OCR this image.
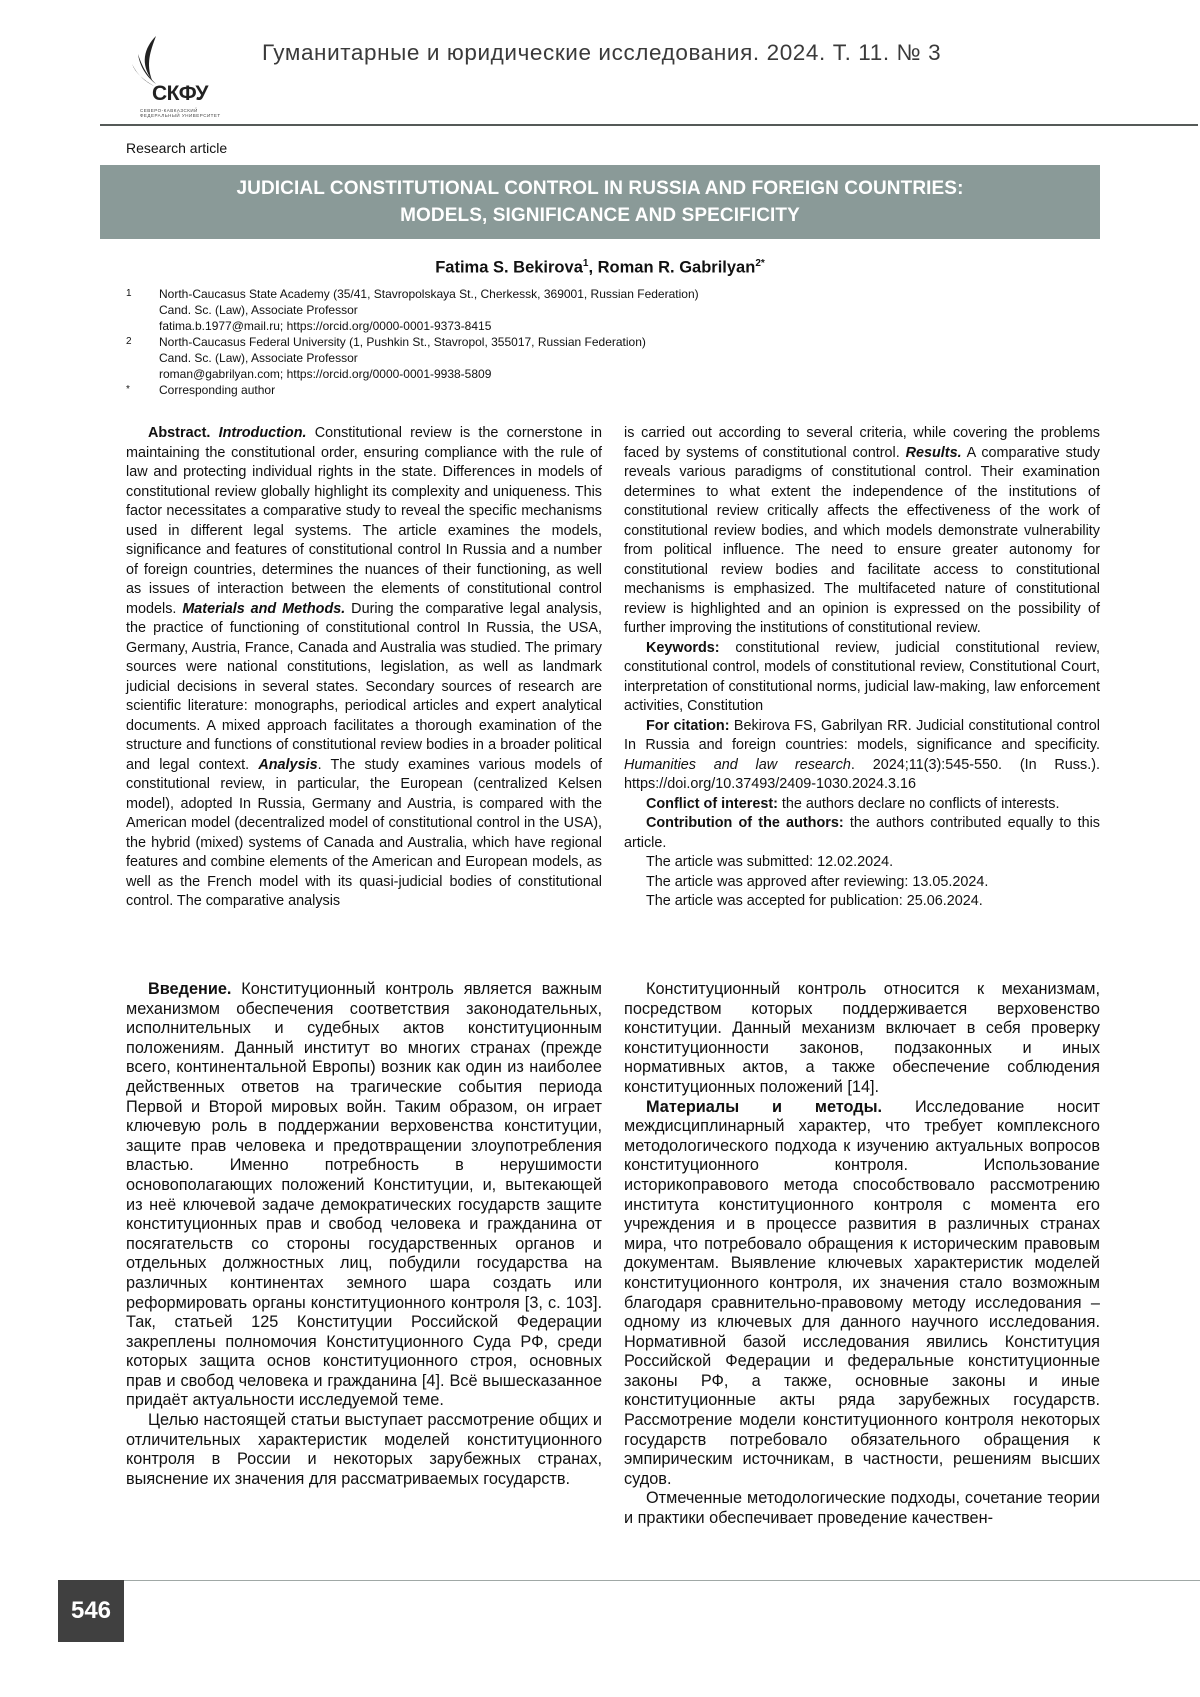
СКФУ
СЕВЕРО-КАВКАЗСКИЙ ФЕДЕРАЛЬНЫЙ УНИВЕРСИТЕТ
Гуманитарные и юридические исследования. 2024. Т. 11. № 3
Research article
JUDICIAL CONSTITUTIONAL CONTROL IN RUSSIA AND FOREIGN COUNTRIES:
MODELS, SIGNIFICANCE AND SPECIFICITY
Fatima S. Bekirova$^1$, Roman R. Gabrilyan$^{2*}$
1	North-Caucasus State Academy (35/41, Stavropolskaya St., Cherkessk, 369001, Russian Federation)
Cand. Sc. (Law), Associate Professor
fatima.b.1977@mail.ru; https://orcid.org/0000-0001-9373-8415
2	North-Caucasus Federal University (1, Pushkin St., Stavropol, 355017, Russian Federation)
Cand. Sc. (Law), Associate Professor
roman@gabrilyan.com; https://orcid.org/0000-0001-9938-5809
*	Corresponding author

Abstract. Introduction. Constitutional review is the cornerstone in maintaining the constitutional order, ensuring compliance with the rule of law and protecting individual rights in the state. Differences in models of constitutional review globally highlight its complexity and uniqueness. This factor necessitates a comparative study to reveal the specific mechanisms used in different legal systems. The article examines the models, significance and features of constitutional control In Russia and a number of foreign countries, determines the nuances of their functioning, as well as issues of interaction between the elements of constitutional control models. Materials and Methods. During the comparative legal analysis, the practice of functioning of constitutional control In Russia, the USA, Germany, Austria, France, Canada and Australia was studied. The primary sources were national constitutions, legislation, as well as landmark judicial decisions in several states. Secondary sources of research are scientific literature: monographs, periodical articles and expert analytical documents. A mixed approach facilitates a thorough examination of the structure and functions of constitutional review bodies in a broader political and legal context. Analysis. The study examines various models of constitutional review, in particular, the European (centralized Kelsen model), adopted In Russia, Germany and Austria, is compared with the American model (decentralized model of constitutional control in the USA), the hybrid (mixed) systems of Canada and Australia, which have regional features and combine elements of the American and European models, as well as the French model with its quasi-judicial bodies of constitutional control. The comparative analysis

is carried out according to several criteria, while covering the problems faced by systems of constitutional control. Results. A comparative study reveals various paradigms of constitutional control. Their examination determines to what extent the independence of the institutions of constitutional review critically affects the effectiveness of the work of constitutional review bodies, and which models demonstrate vulnerability from political influence. The need to ensure greater autonomy for constitutional review bodies and facilitate access to constitutional mechanisms is emphasized. The multifaceted nature of constitutional review is highlighted and an opinion is expressed on the possibility of further improving the institutions of constitutional review.

Keywords: constitutional review, judicial constitutional review, constitutional control, models of constitutional review, Constitutional Court, interpretation of constitutional norms, judicial law-making, law enforcement activities, Constitution

For citation: Bekirova FS, Gabrilyan RR. Judicial constitutional control In Russia and foreign countries: models, significance and specificity. Humanities and law research. 2024;11(3):545-550. (In Russ.). https://doi.org/10.37493/2409-1030.2024.3.16

Conflict of interest: the authors declare no conflicts of interests.

Contribution of the authors: the authors contributed equally to this article.

The article was submitted: 12.02.2024.

The article was approved after reviewing: 13.05.2024.

The article was accepted for publication: 25.06.2024.

Введение. Конституционный контроль является важным механизмом обеспечения соответствия законодательных, исполнительных и судебных актов конституционным положениям. Данный институт во многих странах (прежде всего, континентальной Европы) возник как один из наиболее действенных ответов на трагические события периода Первой и Второй мировых войн. Таким образом, он играет ключевую роль в поддержании верховенства конституции, защите прав человека и предотвращении злоупотребления властью. Именно потребность в нерушимости основополагающих положений Конституции, и, вытекающей из неё ключевой задаче демократических государств защите конституционных прав и свобод человека и гражданина от посягательств со стороны государственных органов и отдельных должностных лиц, побудили государства на различных континентах земного шара создать или реформировать органы конституционного контроля [3, с. 103]. Так, статьей 125 Конституции Российской Федерации закреплены полномочия Конституционного Суда РФ, среди которых защита основ конституционного строя, основных прав и свобод человека и гражданина [4]. Всё вышесказанное придаёт актуальности исследуемой теме.

Целью настоящей статьи выступает рассмотрение общих и отличительных характеристик моделей конституционного контроля в России и некоторых зарубежных странах, выяснение их значения для рассматриваемых государств.

Конституционный контроль относится к механизмам, посредством которых поддерживается верховенство конституции. Данный механизм включает в себя проверку конституционности законов, подзаконных и иных нормативных актов, а также обеспечение соблюдения конституционных положений [14].

Материалы и методы. Исследование носит междисциплинарный характер, что требует комплексного методологического подхода к изучению актуальных вопросов конституционного контроля. Использование историкоправового метода способствовало рассмотрению института конституционного контроля с момента его учреждения и в процессе развития в различных странах мира, что потребовало обращения к историческим правовым документам. Выявление ключевых характеристик моделей конституционного контроля, их значения стало возможным благодаря сравнительно-правовому методу исследования – одному из ключевых для данного научного исследования. Нормативной базой исследования явились Конституция Российской Федерации и федеральные конституционные законы РФ, а также, основные законы и иные конституционные акты ряда зарубежных государств. Рассмотрение модели конституционного контроля некоторых государств потребовало обязательного обращения к эмпирическим источникам, в частности, решениям высших судов.

Отмеченные методологические подходы, сочетание теории и практики обеспечивает проведение качествен-

546
